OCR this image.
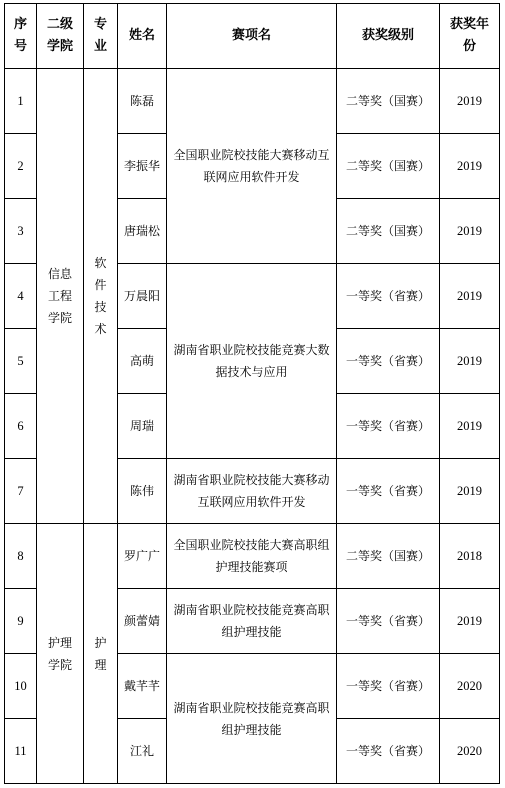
序号	二级学院	专业	姓名	赛项名	获奖级别	获奖年份
1	信息工程学院	软件技术	陈磊	全国职业院校技能大赛移动互联网应用软件开发	二等奖（国赛）	2019
2			李振华		二等奖（国赛）	2019
3			唐瑞松		二等奖（国赛）	2019
4			万晨阳	湖南省职业院校技能竞赛大数据技术与应用	一等奖（省赛）	2019
5			高萌		一等奖（省赛）	2019
6			周瑞		一等奖（省赛）	2019
7			陈伟	湖南省职业院校技能大赛移动互联网应用软件开发	一等奖（省赛）	2019
8	护理学院	护理	罗广广	全国职业院校技能大赛高职组护理技能赛项	二等奖（国赛）	2018
9			颜蕾婧	湖南省职业院校技能竞赛高职组护理技能	一等奖（省赛）	2019
10			戴芊芊	湖南省职业院校技能竞赛高职组护理技能	一等奖（省赛）	2020
11			江礼		一等奖（省赛）	2020
